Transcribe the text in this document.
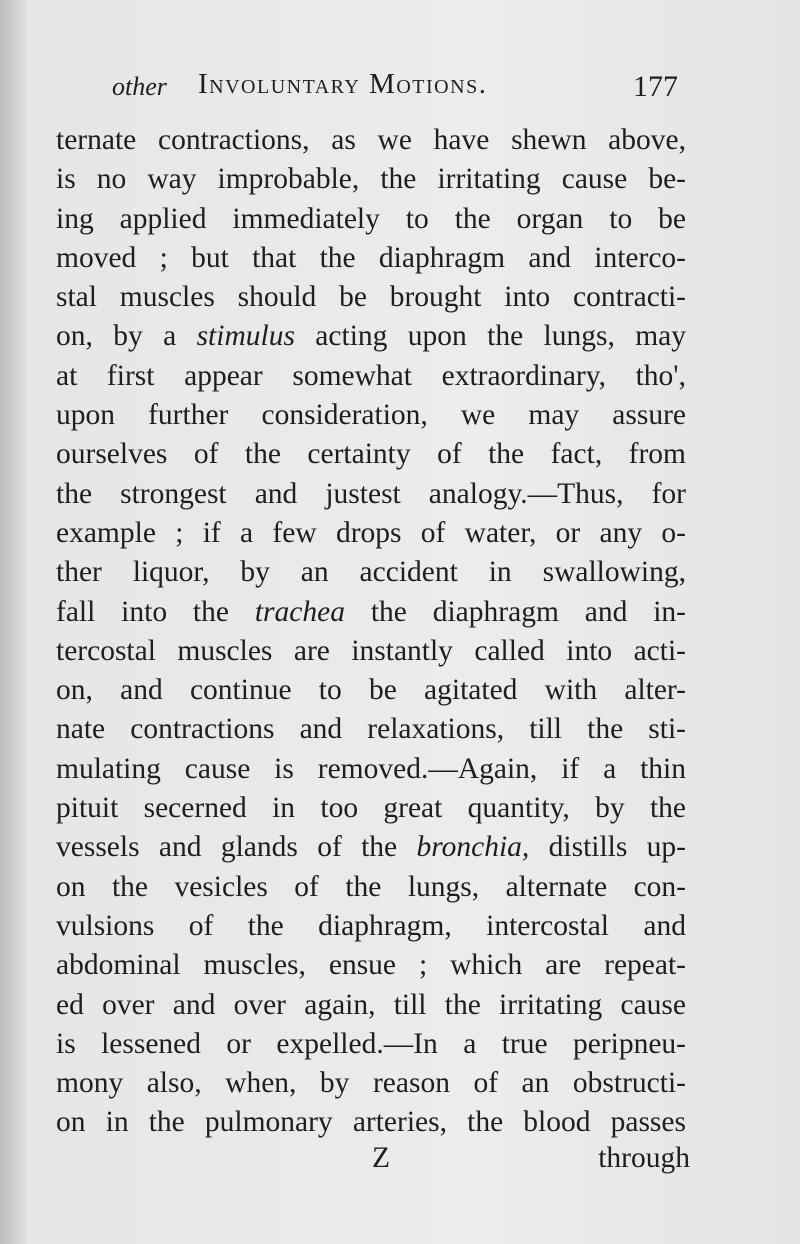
other Involuntary Motions.	177
ternate contractions, as we have shewn above,
is no way improbable, the irritating cause be-
ing applied immediately to the organ to be
moved ; but that the diaphragm and interco-
stal muscles should be brought into contracti-
on, by a stimulus acting upon the lungs, may
at first appear somewhat extraordinary, tho',
upon further consideration, we may assure
ourselves of the certainty of the fact, from
the strongest and justest analogy.—Thus, for
example ; if a few drops of water, or any o-
ther liquor, by an accident in swallowing,
fall into the trachea the diaphragm and in-
tercostal muscles are instantly called into acti-
on, and continue to be agitated with alter-
nate contractions and relaxations, till the sti-
mulating cause is removed.—Again, if a thin
pituit secerned in too great quantity, by the
vessels and glands of the bronchia, distills up-
on the vesicles of the lungs, alternate con-
vulsions of the diaphragm, intercostal and
abdominal muscles, ensue ; which are repeat-
ed over and over again, till the irritating cause
is lessened or expelled.—In a true peripneu-
mony also, when, by reason of an obstructi-
on in the pulmonary arteries, the blood passes
Z	through
